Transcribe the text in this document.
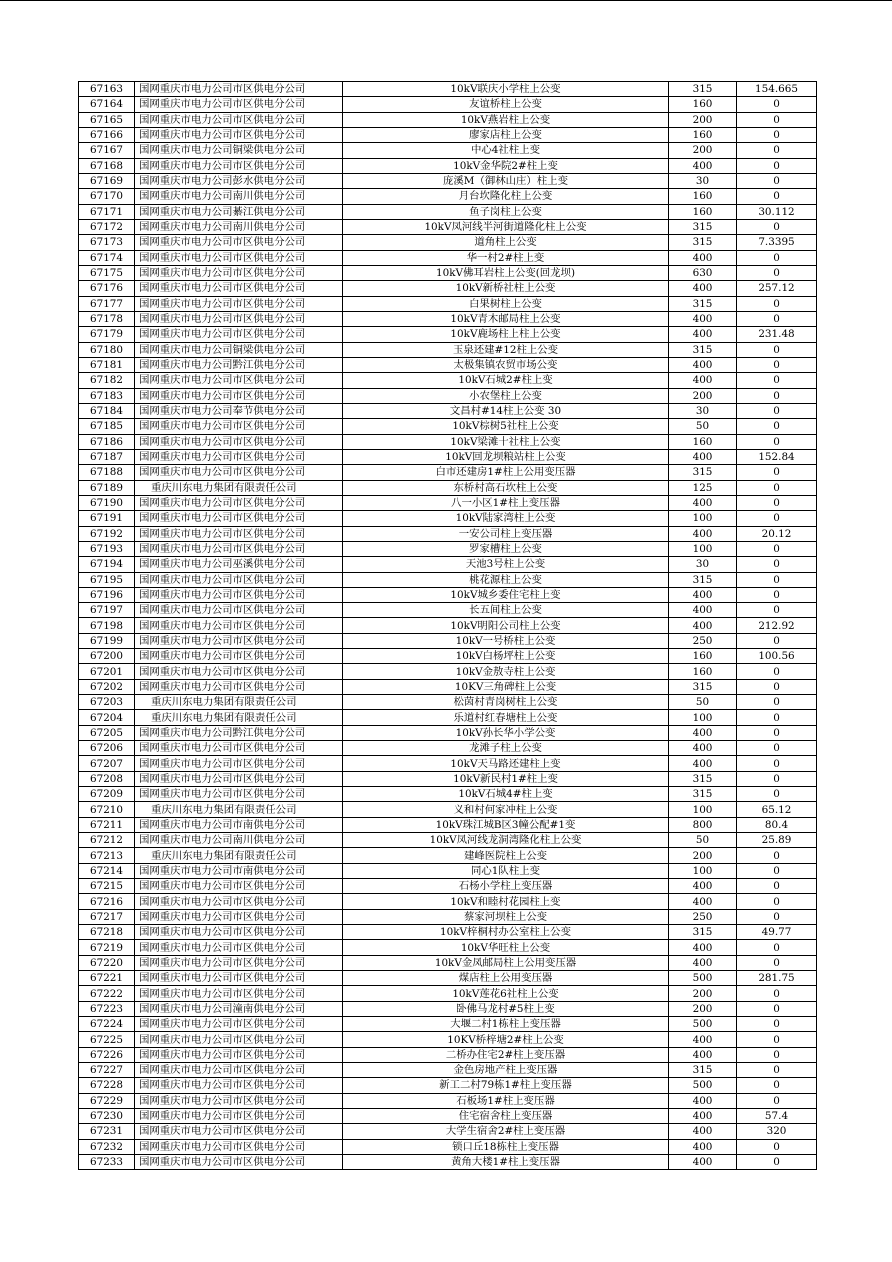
67163	国网重庆市电力公司市区供电分公司	10kV联庆小学柱上公变	315	154.665
67164	国网重庆市电力公司市区供电分公司	友谊桥柱上公变	160	0
67165	国网重庆市电力公司市区供电分公司	10kV燕岩柱上公变	200	0
67166	国网重庆市电力公司市区供电分公司	廖家店柱上公变	160	0
67167	国网重庆市电力公司铜梁供电分公司	中心4社柱上变	200	0
67168	国网重庆市电力公司市区供电分公司	10kV金华院2#柱上变	400	0
67169	国网重庆市电力公司彭水供电分公司	庞溪M（御林山庄）柱上变	30	0
67170	国网重庆市电力公司南川供电分公司	月台坎隆化柱上公变	160	0
67171	国网重庆市电力公司綦江供电分公司	鱼子岗柱上公变	160	30.112
67172	国网重庆市电力公司南川供电分公司	10kV凤河线半河街道隆化柱上公变	315	0
67173	国网重庆市电力公司市区供电分公司	道角柱上公变	315	7.3395
67174	国网重庆市电力公司市区供电分公司	华一村2#柱上变	400	0
67175	国网重庆市电力公司市区供电分公司	10kV佛耳岩柱上公变(回龙坝)	630	0
67176	国网重庆市电力公司市区供电分公司	10kV新桥社柱上公变	400	257.12
67177	国网重庆市电力公司市区供电分公司	白果树柱上公变	315	0
67178	国网重庆市电力公司市区供电分公司	10kV青木邮局柱上公变	400	0
67179	国网重庆市电力公司市区供电分公司	10kV鹿场柱上柱上公变	400	231.48
67180	国网重庆市电力公司铜梁供电分公司	玉泉还建#12柱上公变	315	0
67181	国网重庆市电力公司黔江供电分公司	太极集镇农贸市场公变	400	0
67182	国网重庆市电力公司市区供电分公司	10kV石城2#柱上变	400	0
67183	国网重庆市电力公司市区供电分公司	小农堡柱上公变	200	0
67184	国网重庆市电力公司奉节供电分公司	文昌村#14柱上公变 30	30	0
67185	国网重庆市电力公司市区供电分公司	10kV棕树5社柱上公变	50	0
67186	国网重庆市电力公司市区供电分公司	10kV梁滩十社柱上公变	160	0
67187	国网重庆市电力公司市区供电分公司	10kV回龙坝粮站柱上公变	400	152.84
67188	国网重庆市电力公司市区供电分公司	白市还建房1#柱上公用变压器	315	0
67189	重庆川东电力集团有限责任公司	东桥村高石坎柱上公变	125	0
67190	国网重庆市电力公司市区供电分公司	八一小区1#柱上变压器	400	0
67191	国网重庆市电力公司市区供电分公司	10kV陆家湾柱上公变	100	0
67192	国网重庆市电力公司市区供电分公司	一安公司柱上变压器	400	20.12
67193	国网重庆市电力公司市区供电分公司	罗家槽柱上公变	100	0
67194	国网重庆市电力公司巫溪供电分公司	天池3号柱上公变	30	0
67195	国网重庆市电力公司市区供电分公司	桃花源柱上公变	315	0
67196	国网重庆市电力公司市区供电分公司	10kV城乡委住宅柱上变	400	0
67197	国网重庆市电力公司市区供电分公司	长五间柱上公变	400	0
67198	国网重庆市电力公司市区供电分公司	10kV明阳公司柱上公变	400	212.92
67199	国网重庆市电力公司市区供电分公司	10kV一号桥柱上公变	250	0
67200	国网重庆市电力公司市区供电分公司	10kV白杨坪柱上公变	160	100.56
67201	国网重庆市电力公司市区供电分公司	10kV金敖寺柱上公变	160	0
67202	国网重庆市电力公司市区供电分公司	10KV三角碑柱上公变	315	0
67203	重庆川东电力集团有限责任公司	松茵村青岗树柱上公变	50	0
67204	重庆川东电力集团有限责任公司	乐道村红春塘柱上公变	100	0
67205	国网重庆市电力公司黔江供电分公司	10kV孙长华小学公变	400	0
67206	国网重庆市电力公司市区供电分公司	龙滩子柱上公变	400	0
67207	国网重庆市电力公司市区供电分公司	10kV天马路还建柱上变	400	0
67208	国网重庆市电力公司市区供电分公司	10kV新民村1#柱上变	315	0
67209	国网重庆市电力公司市区供电分公司	10kV石城4#柱上变	315	0
67210	重庆川东电力集团有限责任公司	义和村何家冲柱上公变	100	65.12
67211	国网重庆市电力公司市南供电分公司	10kV珠江城B区3幢公配#1变	800	80.4
67212	国网重庆市电力公司南川供电分公司	10kV凤河线龙洞湾隆化柱上公变	50	25.89
67213	重庆川东电力集团有限责任公司	建峰医院柱上公变	200	0
67214	国网重庆市电力公司市南供电分公司	同心1队柱上变	100	0
67215	国网重庆市电力公司市区供电分公司	石杨小学柱上变压器	400	0
67216	国网重庆市电力公司市区供电分公司	10kV和睦村花园柱上变	400	0
67217	国网重庆市电力公司市区供电分公司	蔡家河坝柱上公变	250	0
67218	国网重庆市电力公司市区供电分公司	10kV梓桐村办公室柱上公变	315	49.77
67219	国网重庆市电力公司市区供电分公司	10kV华旺柱上公变	400	0
67220	国网重庆市电力公司市区供电分公司	10kV金凤邮局柱上公用变压器	400	0
67221	国网重庆市电力公司市区供电分公司	煤店柱上公用变压器	500	281.75
67222	国网重庆市电力公司市区供电分公司	10kV莲花6社柱上公变	200	0
67223	国网重庆市电力公司潼南供电分公司	卧佛马龙村#5柱上变	200	0
67224	国网重庆市电力公司市区供电分公司	大堰二村1栋柱上变压器	500	0
67225	国网重庆市电力公司市区供电分公司	10KV桥梓塘2#柱上公变	400	0
67226	国网重庆市电力公司市区供电分公司	二桥办住宅2#柱上变压器	400	0
67227	国网重庆市电力公司市区供电分公司	金色房地产柱上变压器	315	0
67228	国网重庆市电力公司市区供电分公司	新工二村79栋1#柱上变压器	500	0
67229	国网重庆市电力公司市区供电分公司	石板场1#柱上变压器	400	0
67230	国网重庆市电力公司市区供电分公司	住宅宿舍柱上变压器	400	57.4
67231	国网重庆市电力公司市区供电分公司	大学生宿舍2#柱上变压器	400	320
67232	国网重庆市电力公司市区供电分公司	锁口丘18栋柱上变压器	400	0
67233	国网重庆市电力公司市区供电分公司	黄角大楼1#柱上变压器	400	0
